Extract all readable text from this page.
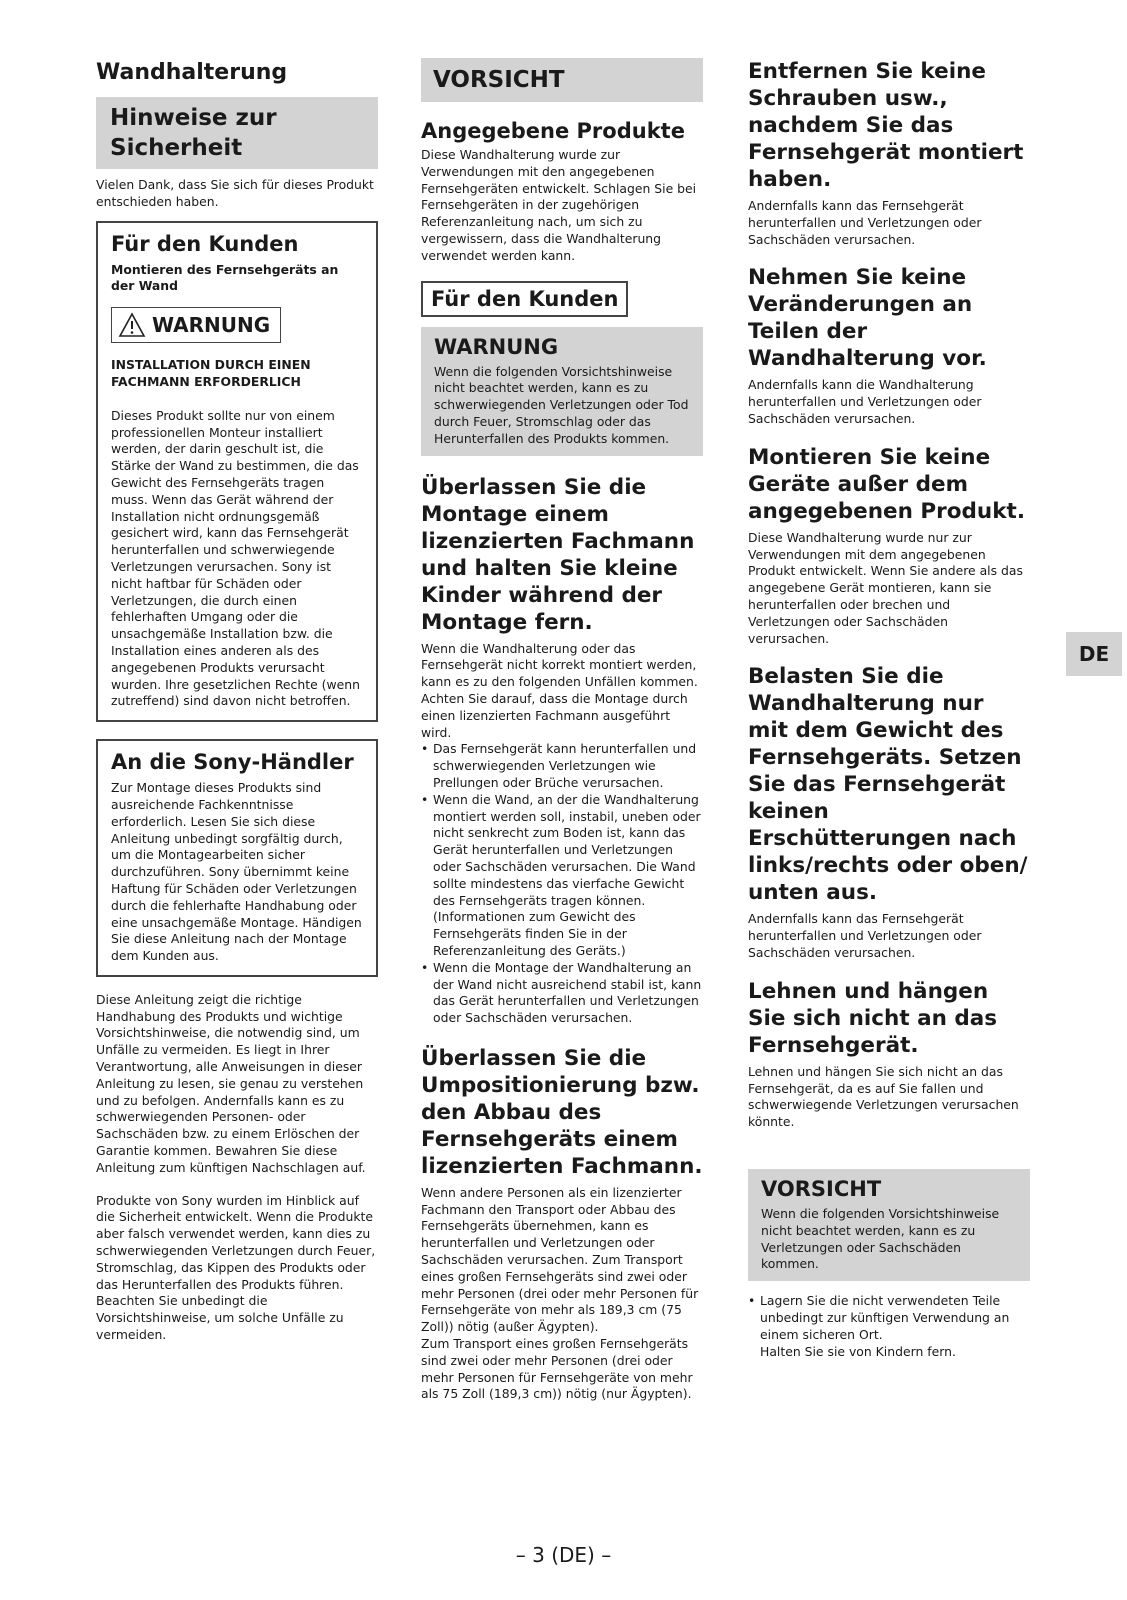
Wandhalterung
Hinweise zur Sicherheit

Vielen Dank, dass Sie sich für dieses Produkt entschieden haben.

Für den Kunden
Montieren des Fernsehgeräts an der Wand
WARNUNG
INSTALLATION DURCH EINEN FACHMANN ERFORDERLICH

Dieses Produkt sollte nur von einem professionellen Monteur installiert werden, der darin geschult ist, die Stärke der Wand zu bestimmen, die das Gewicht des Fernsehgeräts tragen muss. Wenn das Gerät während der Installation nicht ordnungsgemäß gesichert wird, kann das Fernsehgerät herunterfallen und schwerwiegende Verletzungen verursachen. Sony ist nicht haftbar für Schäden oder Verletzungen, die durch einen fehlerhaften Umgang oder die unsachgemäße Installation bzw. die Installation eines anderen als des angegebenen Produkts verursacht wurden. Ihre gesetzlichen Rechte (wenn zutreffend) sind davon nicht betroffen.

An die Sony-Händler

Zur Montage dieses Produkts sind ausreichende Fachkenntnisse erforderlich. Lesen Sie sich diese Anleitung unbedingt sorgfältig durch, um die Montagearbeiten sicher durchzuführen. Sony übernimmt keine Haftung für Schäden oder Verletzungen durch die fehlerhafte Handhabung oder eine unsachgemäße Montage. Händigen Sie diese Anleitung nach der Montage dem Kunden aus.

Diese Anleitung zeigt die richtige Handhabung des Produkts und wichtige Vorsichtshinweise, die notwendig sind, um Unfälle zu vermeiden. Es liegt in Ihrer Verantwortung, alle Anweisungen in dieser Anleitung zu lesen, sie genau zu verstehen und zu befolgen. Andernfalls kann es zu schwerwiegenden Personen- oder Sachschäden bzw. zu einem Erlöschen der Garantie kommen. Bewahren Sie diese Anleitung zum künftigen Nachschlagen auf.

Produkte von Sony wurden im Hinblick auf die Sicherheit entwickelt. Wenn die Produkte aber falsch verwendet werden, kann dies zu schwerwiegenden Verletzungen durch Feuer, Stromschlag, das Kippen des Produkts oder das Herunterfallen des Produkts führen. Beachten Sie unbedingt die Vorsichtshinweise, um solche Unfälle zu vermeiden.

VORSICHT
Angegebene Produkte

Diese Wandhalterung wurde zur Verwendungen mit den angegebenen Fernsehgeräten entwickelt. Schlagen Sie bei Fernsehgeräten in der zugehörigen Referenzanleitung nach, um sich zu vergewissern, dass die Wandhalterung verwendet werden kann.

Für den Kunden
WARNUNG

Wenn die folgenden Vorsichtshinweise nicht beachtet werden, kann es zu schwerwiegenden Verletzungen oder Tod durch Feuer, Stromschlag oder das Herunterfallen des Produkts kommen.

Überlassen Sie die Montage einem lizenzierten Fachmann und halten Sie kleine Kinder während der Montage fern.

Wenn die Wandhalterung oder das Fernsehgerät nicht korrekt montiert werden, kann es zu den folgenden Unfällen kommen. Achten Sie darauf, dass die Montage durch einen lizenzierten Fachmann ausgeführt wird.

• Das Fernsehgerät kann herunterfallen und schwerwiegenden Verletzungen wie Prellungen oder Brüche verursachen.
• Wenn die Wand, an der die Wandhalterung montiert werden soll, instabil, uneben oder nicht senkrecht zum Boden ist, kann das Gerät herunterfallen und Verletzungen oder Sachschäden verursachen. Die Wand sollte mindestens das vierfache Gewicht des Fernsehgeräts tragen können. (Informationen zum Gewicht des Fernsehgeräts finden Sie in der Referenzanleitung des Geräts.)
• Wenn die Montage der Wandhalterung an der Wand nicht ausreichend stabil ist, kann das Gerät herunterfallen und Verletzungen oder Sachschäden verursachen.
Überlassen Sie die Umpositionierung bzw. den Abbau des Fernsehgeräts einem lizenzierten Fachmann.

Wenn andere Personen als ein lizenzierter Fachmann den Transport oder Abbau des Fernsehgeräts übernehmen, kann es herunterfallen und Verletzungen oder Sachschäden verursachen. Zum Transport eines großen Fernsehgeräts sind zwei oder mehr Personen (drei oder mehr Personen für Fernsehgeräte von mehr als 189,3 cm (75 Zoll)) nötig (außer Ägypten).

Zum Transport eines großen Fernsehgeräts sind zwei oder mehr Personen (drei oder mehr Personen für Fernsehgeräte von mehr als 75 Zoll (189,3 cm)) nötig (nur Ägypten).

Entfernen Sie keine Schrauben usw., nachdem Sie das Fernsehgerät montiert haben.

Andernfalls kann das Fernsehgerät herunterfallen und Verletzungen oder Sachschäden verursachen.

Nehmen Sie keine Veränderungen an Teilen der Wandhalterung vor.

Andernfalls kann die Wandhalterung herunterfallen und Verletzungen oder Sachschäden verursachen.

Montieren Sie keine Geräte außer dem angegebenen Produkt.

Diese Wandhalterung wurde nur zur Verwendungen mit dem angegebenen Produkt entwickelt. Wenn Sie andere als das angegebene Gerät montieren, kann sie herunterfallen oder brechen und Verletzungen oder Sachschäden verursachen.

Belasten Sie die Wandhalterung nur mit dem Gewicht des Fernsehgeräts. Setzen Sie das Fernsehgerät keinen Erschütterungen nach links/rechts oder oben/ unten aus.

Andernfalls kann das Fernsehgerät herunterfallen und Verletzungen oder Sachschäden verursachen.

Lehnen und hängen Sie sich nicht an das Fernsehgerät.

Lehnen und hängen Sie sich nicht an das Fernsehgerät, da es auf Sie fallen und schwerwiegende Verletzungen verursachen könnte.

VORSICHT

Wenn die folgenden Vorsichtshinweise nicht beachtet werden, kann es zu Verletzungen oder Sachschäden kommen.

• Lagern Sie die nicht verwendeten Teile unbedingt zur künftigen Verwendung an einem sicheren Ort.
Halten Sie sie von Kindern fern.
DE
– 3 (DE) –
